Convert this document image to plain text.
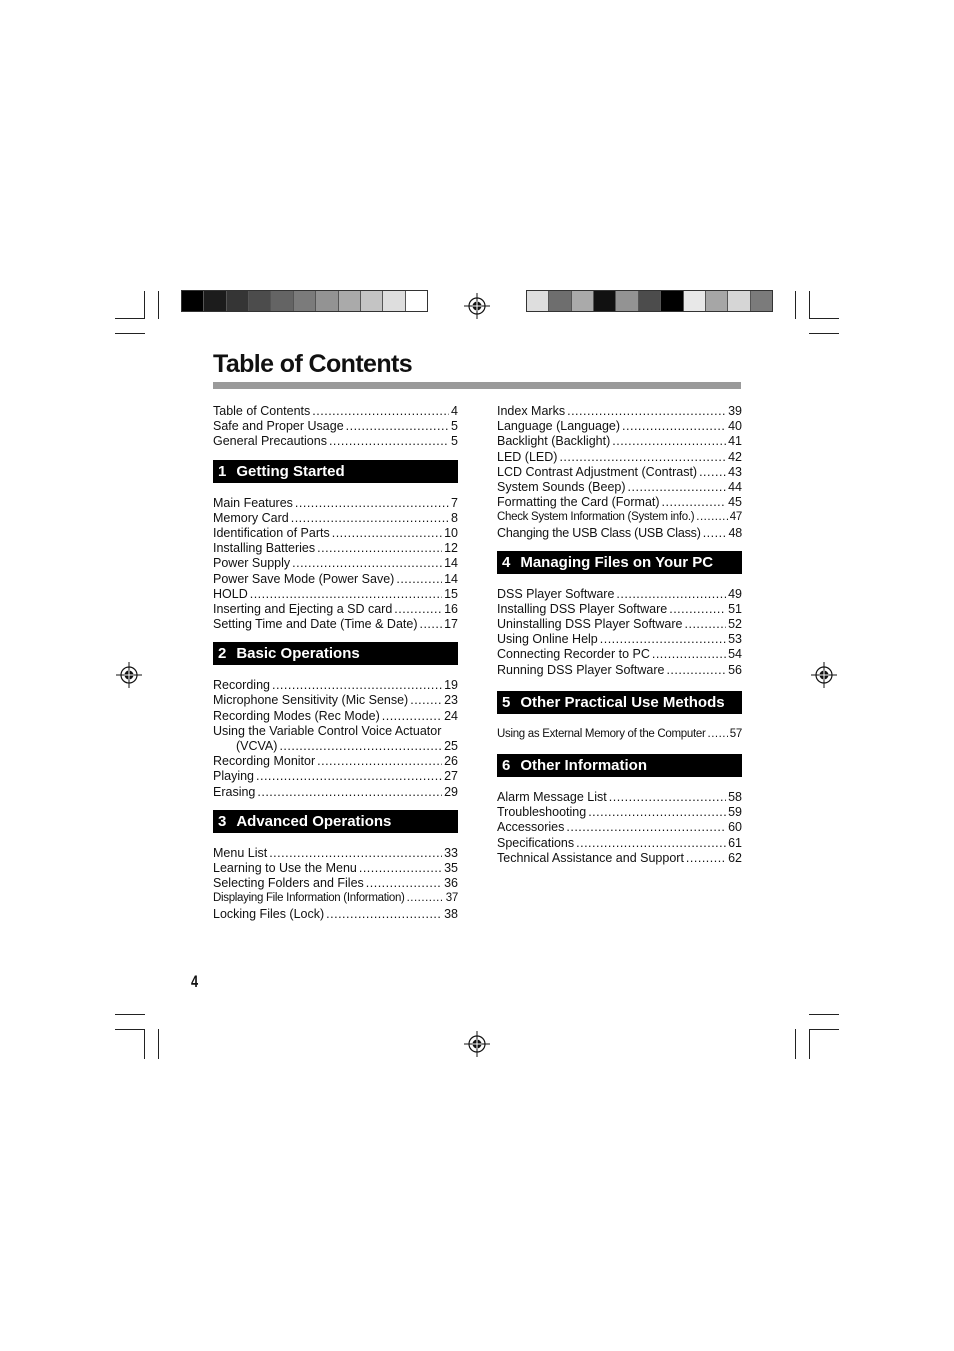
Table of Contents
Table of Contents .....	4
Safe and Proper Usage .....	5
General Precautions .....	5
1 Getting Started
Main Features .....	7
Memory Card .....	8
Identification of Parts .....	10
Installing Batteries .....	12
Power Supply .....	14
Power Save Mode (Power Save) .....	14
HOLD .....	15
Inserting and Ejecting a SD card .....	16
Setting Time and Date (Time & Date) ..... 17
2 Basic Operations
Recording .....	19
Microphone Sensitivity (Mic Sense) .....	23
Recording Modes (Rec Mode) .....	24
Using the Variable Control Voice Actuator
(VCVA) .....	25
Recording Monitor .....	26
Playing .....	27
Erasing .....	29
3 Advanced Operations
Menu List .....	33
Learning to Use the Menu .....	35
Selecting Folders and Files .....	36
Displaying File Information (Information) .....	37
Locking Files (Lock) .....	38
Index Marks .....	39
Language (Language) .....	40
Backlight (Backlight) .....	41
LED (LED) .....	42
LCD Contrast Adjustment (Contrast) ..... 43
System Sounds (Beep) .....	44
Formatting the Card (Format) .....	45
Check System Information (System info.) .....	47
Changing the USB Class (USB Class) ..... 48
4 Managing Files on Your PC
DSS Player Software .....	49
Installing DSS Player Software .....	51
Uninstalling DSS Player Software .....	52
Using Online Help .....	53
Connecting Recorder to PC .....	54
Running DSS Player Software .....	56
5 Other Practical Use Methods
Using as External Memory of the Computer ..... 57
6 Other Information
Alarm Message List .....	58
Troubleshooting .....	59
Accessories .....	60
Specifications .....	61
Technical Assistance and Support .....	62
4
